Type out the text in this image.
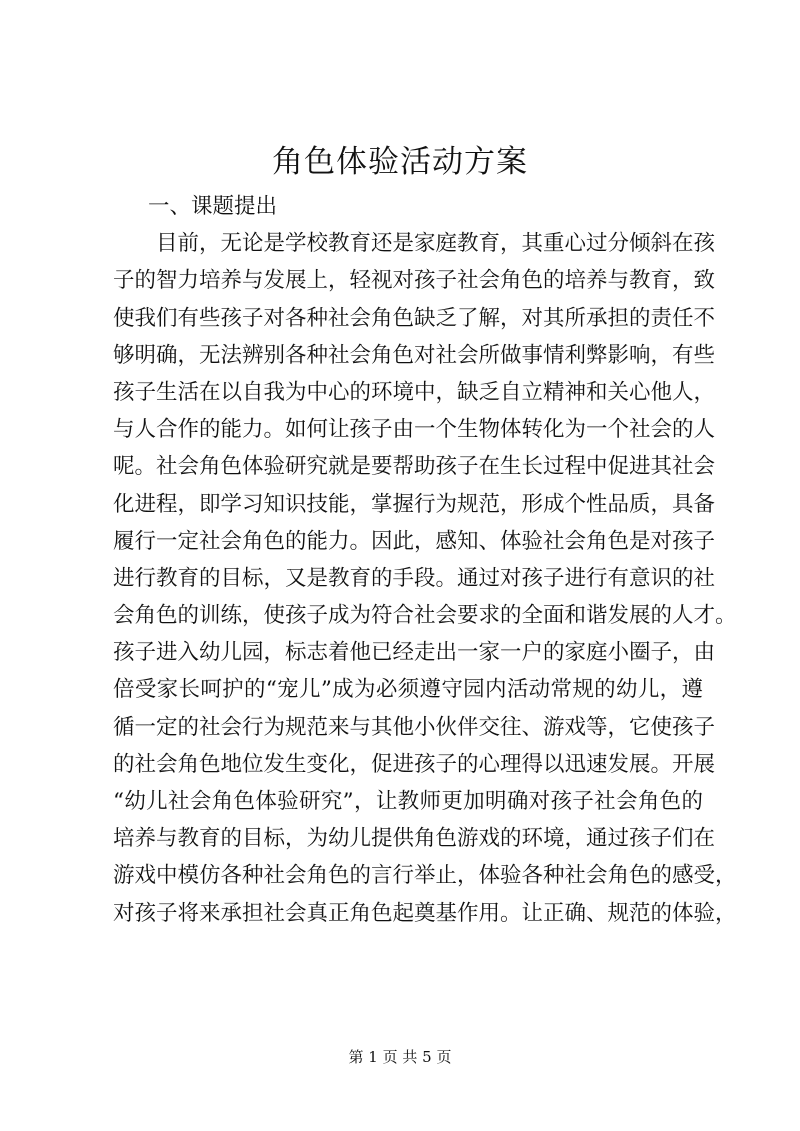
角色体验活动方案
一、课题提出
目前，无论是学校教育还是家庭教育，其重心过分倾斜在孩
子的智力培养与发展上，轻视对孩子社会角色的培养与教育，致
使我们有些孩子对各种社会角色缺乏了解，对其所承担的责任不
够明确，无法辨别各种社会角色对社会所做事情利弊影响，有些
孩子生活在以自我为中心的环境中，缺乏自立精神和关心他人，
与人合作的能力。如何让孩子由一个生物体转化为一个社会的人
呢。社会角色体验研究就是要帮助孩子在生长过程中促进其社会
化进程，即学习知识技能，掌握行为规范，形成个性品质，具备
履行一定社会角色的能力。因此，感知、体验社会角色是对孩子
进行教育的目标，又是教育的手段。通过对孩子进行有意识的社
会角色的训练，使孩子成为符合社会要求的全面和谐发展的人才。
孩子进入幼儿园，标志着他已经走出一家一户的家庭小圈子，由
倍受家长呵护的“宠儿”成为必须遵守园内活动常规的幼儿，遵
循一定的社会行为规范来与其他小伙伴交往、游戏等，它使孩子
的社会角色地位发生变化，促进孩子的心理得以迅速发展。开展
“幼儿社会角色体验研究”，让教师更加明确对孩子社会角色的
培养与教育的目标，为幼儿提供角色游戏的环境，通过孩子们在
游戏中模仿各种社会角色的言行举止，体验各种社会角色的感受，
对孩子将来承担社会真正角色起奠基作用。让正确、规范的体验，
第 1 页 共 5 页
